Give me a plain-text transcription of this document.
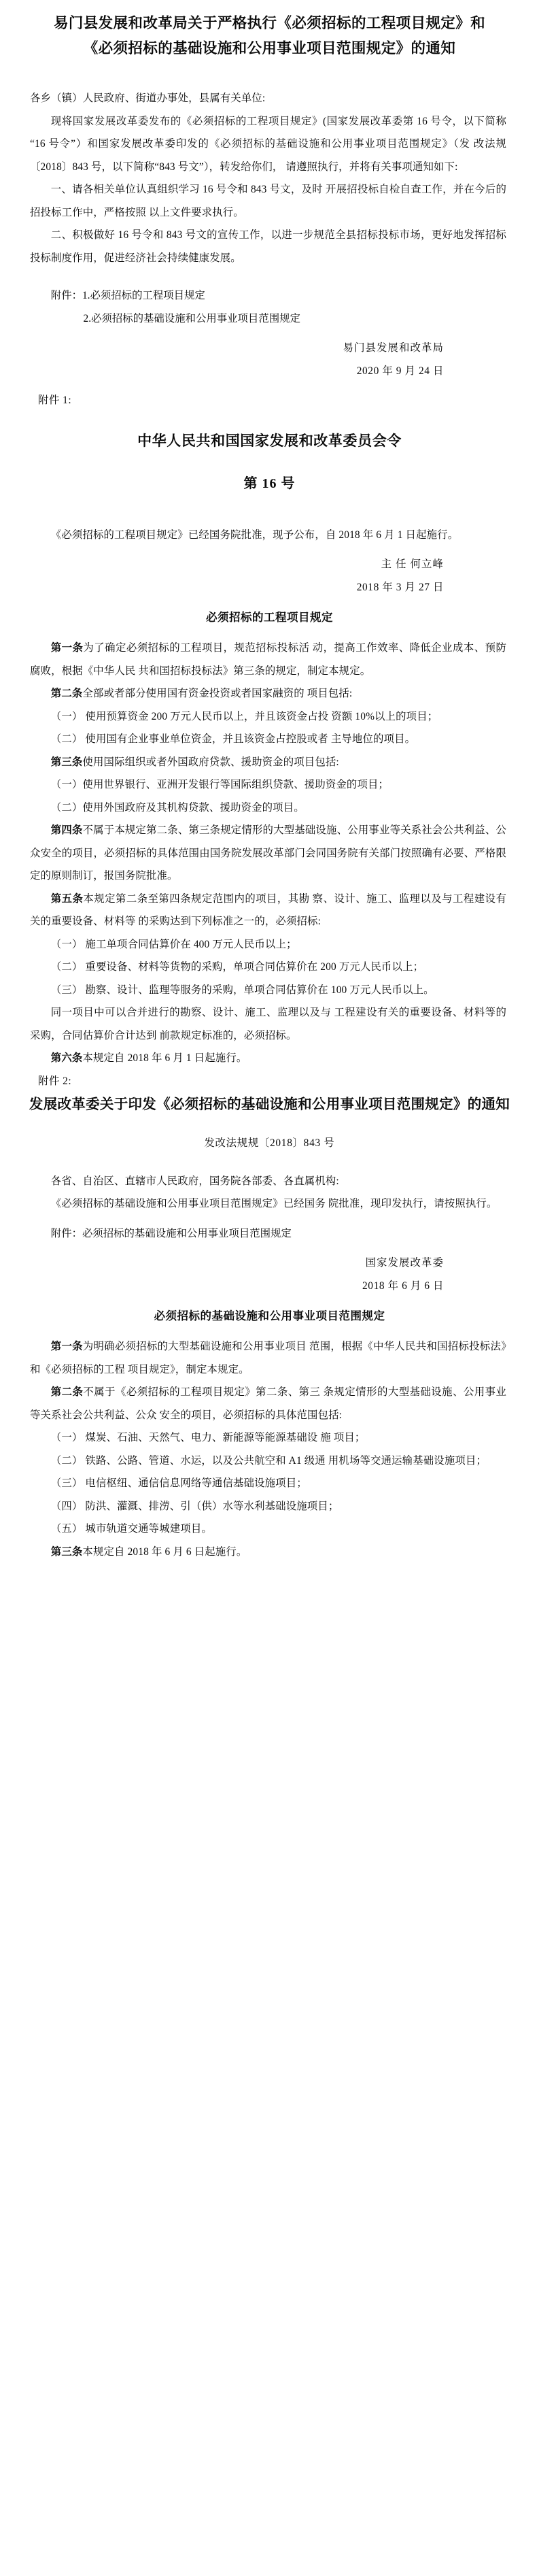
易门县发展和改革局关于严格执行《必须招标的工程项目规定》和《必须招标的基础设施和公用事业项目范围规定》的通知

各乡（镇）人民政府、街道办事处，县属有关单位:

现将国家发展改革委发布的《必须招标的工程项目规定》(国家发展改革委第 16 号令，以下简称“16 号令”）和国家发展改革委印发的《必须招标的基础设施和公用事业项目范围规定》（发 改法规〔2018〕843 号，以下简称“843 号文”），转发给你们， 请遵照执行，并将有关事项通知如下:

一、请各相关单位认真组织学习 16 号令和 843 号文，及时 开展招投标自检自查工作，并在今后的招投标工作中，严格按照 以上文件要求执行。

二、积极做好 16 号令和 843 号文的宣传工作，以进一步规范全县招标投标市场，更好地发挥招标投标制度作用，促进经济社会持续健康发展。

附件：1.必须招标的工程项目规定

2.必须招标的基础设施和公用事业项目范围规定

易门县发展和改革局

2020 年 9 月 24 日

附件 1:

中华人民共和国国家发展和改革委员会令

第 16 号

《必须招标的工程项目规定》已经国务院批准，现予公布，自 2018 年 6 月 1 日起施行。

主 任 何立峰

2018 年 3 月 27 日

必须招标的工程项目规定

第一条为了确定必须招标的工程项目，规范招标投标活 动，提高工作效率、降低企业成本、预防腐败，根据《中华人民 共和国招标投标法》第三条的规定，制定本规定。

第二条全部或者部分使用国有资金投资或者国家融资的 项目包括:

（一） 使用预算资金 200 万元人民币以上，并且该资金占投 资额 10%以上的项目；

（二） 使用国有企业事业单位资金，并且该资金占控股或者 主导地位的项目。

第三条使用国际组织或者外国政府贷款、援助资金的项目包括:

（一）使用世界银行、亚洲开发银行等国际组织贷款、援助资金的项目；

（二）使用外国政府及其机构贷款、援助资金的项目。

第四条不属于本规定第二条、第三条规定情形的大型基础设施、公用事业等关系社会公共利益、公众安全的项目，必须招标的具体范围由国务院发展改革部门会同国务院有关部门按照确有必要、严格限定的原则制订，报国务院批准。

第五条本规定第二条至第四条规定范围内的项目，其勘 察、设计、施工、监理以及与工程建设有关的重要设备、材料等 的采购达到下列标准之一的，必须招标:

（一） 施工单项合同估算价在 400 万元人民币以上；

（二） 重要设备、材料等货物的采购，单项合同估算价在 200 万元人民币以上；

（三） 勘察、设计、监理等服务的采购，单项合同估算价在 100 万元人民币以上。

同一项目中可以合并进行的勘察、设计、施工、监理以及与 工程建设有关的重要设备、材料等的采购，合同估算价合计达到 前款规定标准的，必须招标。

第六条本规定自 2018 年 6 月 1 日起施行。

附件 2:

发展改革委关于印发《必须招标的基础设施和公用事业项目范围规定》的通知

发改法规规〔2018〕843 号

各省、自治区、直辖市人民政府，国务院各部委、各直属机构:

《必须招标的基础设施和公用事业项目范围规定》已经国务 院批准，现印发执行，请按照执行。

附件：必须招标的基础设施和公用事业项目范围规定

国家发展改革委

2018 年 6 月 6 日

必须招标的基础设施和公用事业项目范围规定

第一条为明确必须招标的大型基础设施和公用事业项目 范围，根据《中华人民共和国招标投标法》和《必须招标的工程 项目规定》，制定本规定。

第二条不属于《必须招标的工程项目规定》第二条、第三 条规定情形的大型基础设施、公用事业等关系社会公共利益、公众 安全的项目，必须招标的具体范围包括:

（一） 煤炭、石油、天然气、电力、新能源等能源基础设 施 项目；

（二） 铁路、公路、管道、水运，以及公共航空和 A1 级通 用机场等交通运输基础设施项目；

（三） 电信枢纽、通信信息网络等通信基础设施项目；

（四） 防洪、灌溉、排涝、引（供）水等水利基础设施项目；

（五） 城市轨道交通等城建项目。

第三条本规定自 2018 年 6 月 6 日起施行。
